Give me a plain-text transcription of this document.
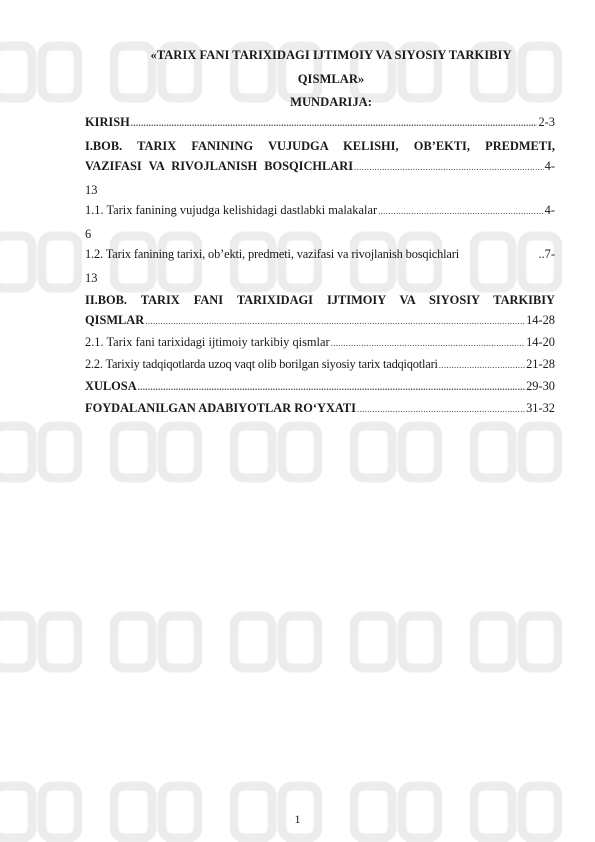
«TARIX FANI TARIXIDAGI IJTIMOIY VA SIYOSIY TARKIBIY
QISMLAR»
MUNDARIJA:
KIRISH .....	2-3
I.BOB. TARIX FANINING VUJUDGA KELISHI, OB’EKTI, PREDMETI,
VAZIFASI VA RIVOJLANISH BOSQICHLARI .....	4-
13
1.1. Tarix fanining vujudga kelishidagi dastlabki malakalar .....	4-
6
1.2. Tarix fanining tarixi, ob’ekti, predmeti, vazifasi va rivojlanish bosqichlari	..7-
13
II.BOB. TARIX FANI TARIXIDAGI IJTIMOIY VA SIYOSIY TARKIBIY
QISMLAR .....	14-28
2.1. Tarix fani tarixidagi ijtimoiy tarkibiy qismlar .....	14-20
2.2. Tarixiy tadqiqotlarda uzoq vaqt olib borilgan siyosiy tarix tadqiqotlari .....	21-28
XULOSA .....	29-30
FOYDALANILGAN ADABIYOTLAR RO‘YXATI .....	31-32
1
